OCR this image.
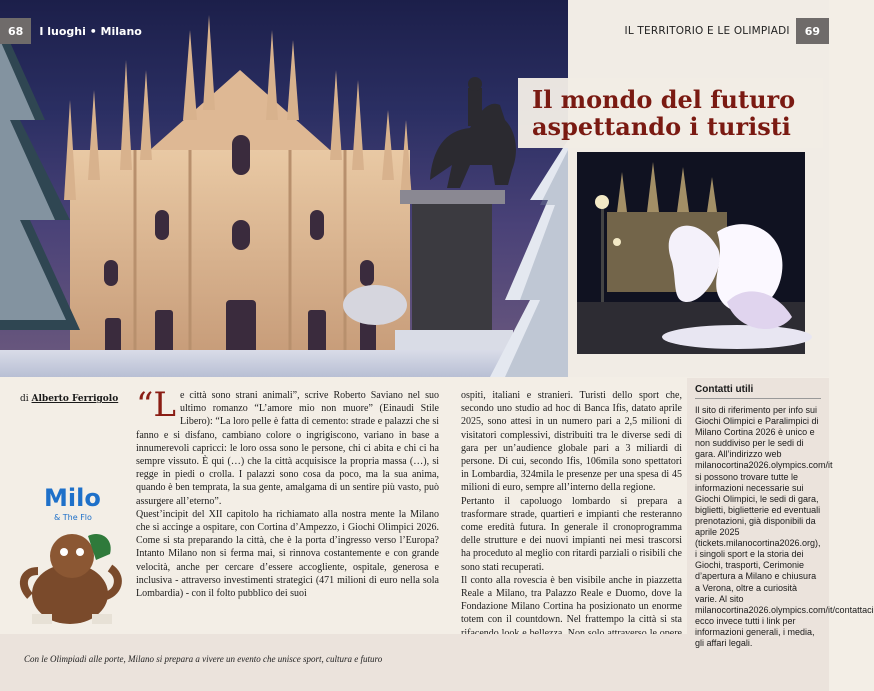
68	I luoghi • Milano	IL TERRITORIO E LE OLIMPIADI	69
Il mondo del futuro
aspettando i turisti
di Alberto Ferrigolo
Milo
& The Flo
“L e città sono strani animali”, scrive Roberto Saviano nel suo ultimo romanzo “L’amore mio non muore” (Einaudi Stile Libero): “La loro pelle è fatta di cemento: strade e palazzi che si fanno e si disfano, cambiano colore o ingrigiscono, variano in base a innumerevoli capricci: le loro ossa sono le persone, chi ci abita e chi ci ha sempre vissuto. È qui (…) che la città acquisisce la propria massa (…), si regge in piedi o crolla. I palazzi sono cosa da poco, ma la sua anima, quando è ben temprata, la sua gente, amalgama di un sentire più vasto, può assurgere all’eterno”.

Quest’incipit del XII capitolo ha richiamato alla nostra mente la Milano che si accinge a ospitare, con Cortina d’Ampezzo, i Giochi Olimpici 2026. Come si sta preparando la città, che è la porta d’ingresso verso l’Europa? Intanto Milano non si ferma mai, si rinnova costantemente e con grande velocità, anche per cercare d’essere accogliente, ospitale, generosa e inclusiva - attraverso investimenti strategici (471 milioni di euro nella sola Lombardia) - con il folto pubblico dei suoi

ospiti, italiani e stranieri. Turisti dello sport che, secondo uno studio ad hoc di Banca Ifis, datato aprile 2025, sono attesi in un numero pari a 2,5 milioni di visitatori complessivi, distribuiti tra le diverse sedi di gara per un’audience globale pari a 3 miliardi di persone. Di cui, secondo Ifis, 106mila sono spettatori in Lombardia, 324mila le presenze per una spesa di 45 milioni di euro, sempre all’interno della regione.

Pertanto il capoluogo lombardo si prepara a trasformare strade, quartieri e impianti che resteranno come eredità futura. In generale il cronoprogramma delle strutture e dei nuovi impianti nei mesi trascorsi ha proceduto al meglio con ritardi parziali o risibili che sono stati recuperati.

Il conto alla rovescia è ben visibile anche in piazzetta Reale a Milano, tra Palazzo Reale e Duomo, dove la Fondazione Milano Cortina ha posizionato un enorme totem con il countdown. Nel frattempo la città si sta

Contatti utili
Il sito di riferimento per info sui Giochi Olimpici e Paralimpici di Milano Cortina 2026 è unico e non suddiviso per le sedi di gara. All’indirizzo web milanocortina2026.olympics.com/it si possono trovare tutte le informazioni necessarie sui Giochi Olimpici, le sedi di gara, biglietti, biglietterie ed eventuali prenotazioni, già disponibili da aprile 2025 (tickets.milanocortina2026.org), i singoli sport e la storia dei Giochi, trasporti, Cerimonie d’apertura a Milano e chiusura a Verona, oltre a curiosità varie. Al sito milanocortina2026.olympics.com/it/contattaci ecco invece tutti i link per informazioni generali, i media, gli affari legali.
Con le Olimpiadi alle porte, Milano si prepara a vivere un evento che unisce sport, cultura e futuro
